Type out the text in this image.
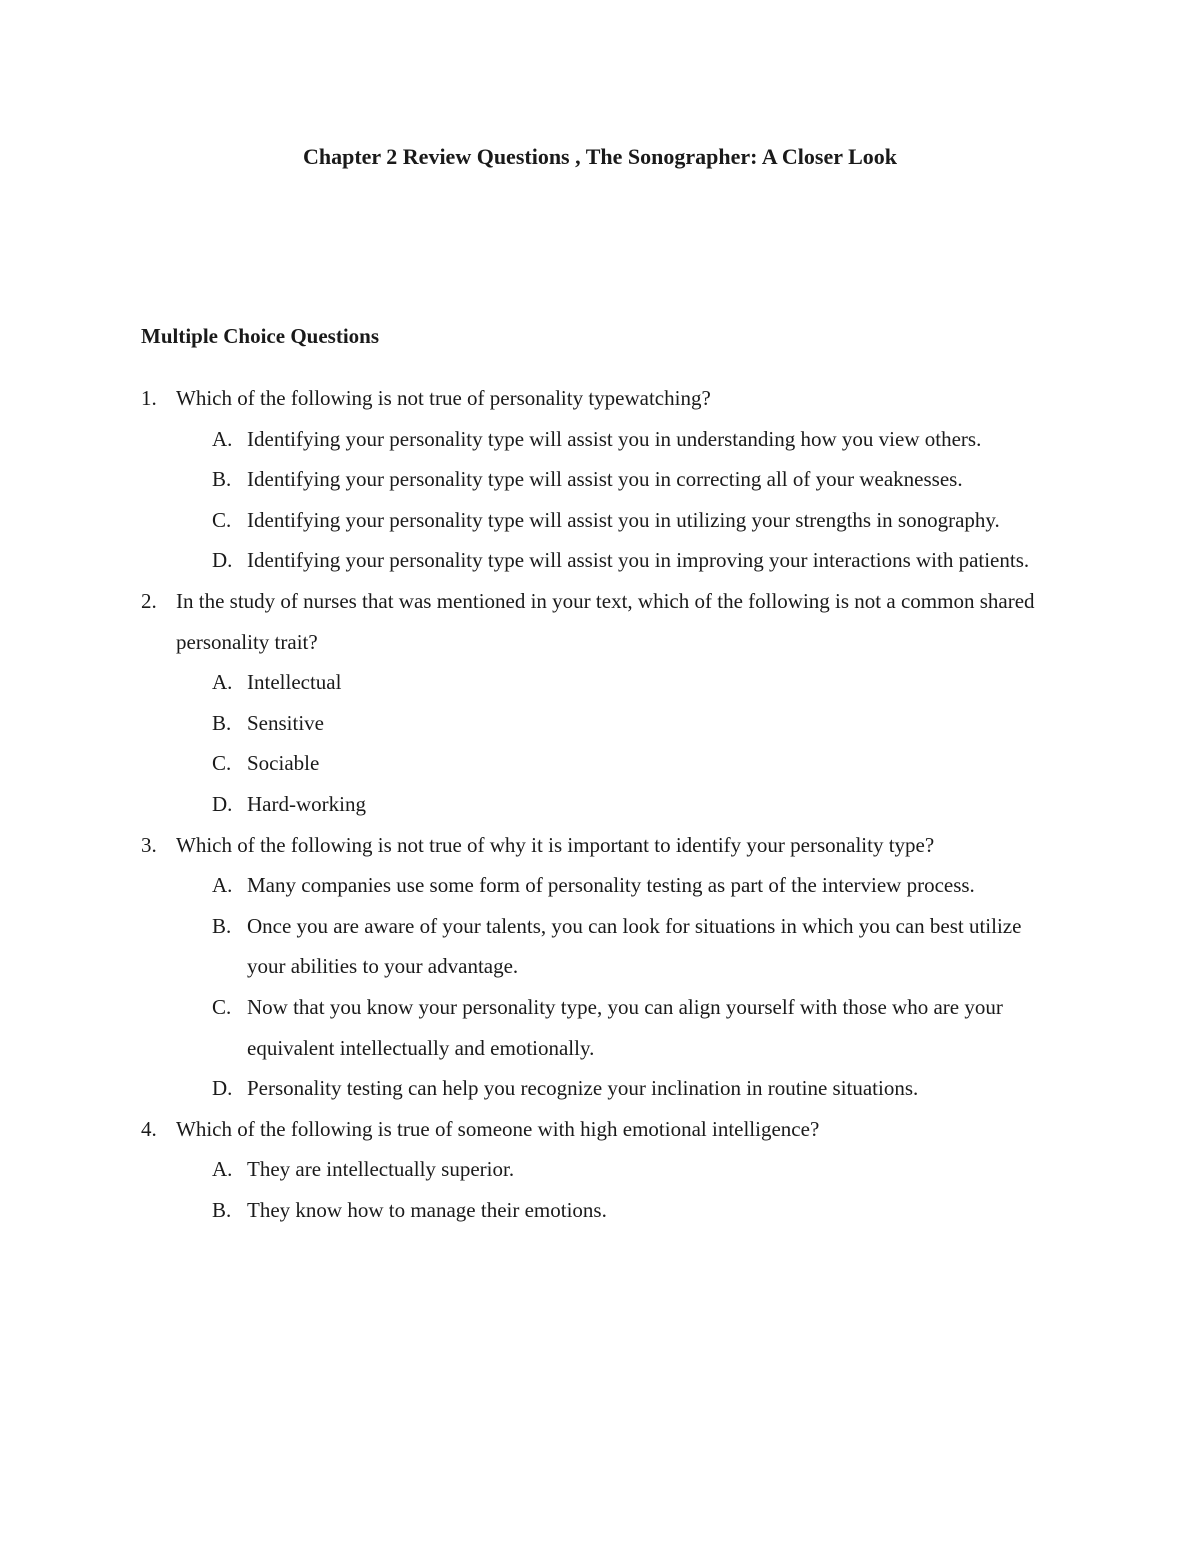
Chapter 2 Review Questions , The Sonographer: A Closer Look
Multiple Choice Questions
1. Which of the following is not true of personality typewatching?
A. Identifying your personality type will assist you in understanding how you view others.
B. Identifying your personality type will assist you in correcting all of your weaknesses.
C. Identifying your personality type will assist you in utilizing your strengths in sonography.
D. Identifying your personality type will assist you in improving your interactions with patients.
2. In the study of nurses that was mentioned in your text, which of the following is not a common shared personality trait?
A. Intellectual
B. Sensitive
C. Sociable
D. Hard-working
3. Which of the following is not true of why it is important to identify your personality type?
A. Many companies use some form of personality testing as part of the interview process.
B. Once you are aware of your talents, you can look for situations in which you can best utilize your abilities to your advantage.
C. Now that you know your personality type, you can align yourself with those who are your equivalent intellectually and emotionally.
D. Personality testing can help you recognize your inclination in routine situations.
4. Which of the following is true of someone with high emotional intelligence?
A. They are intellectually superior.
B. They know how to manage their emotions.
